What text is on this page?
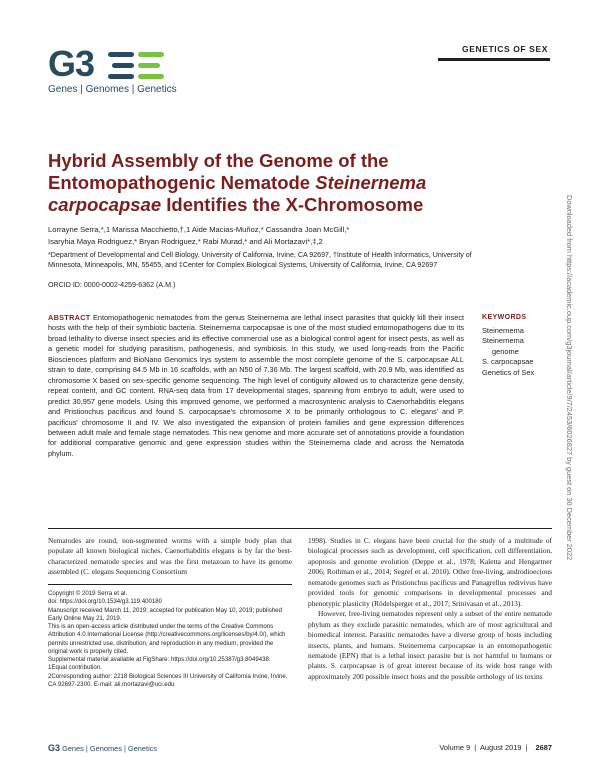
G3
Genes | Genomes | Genetics
GENETICS OF SEX
Hybrid Assembly of the Genome of the Entomopathogenic Nematode Steinernema carpocapsae Identifies the X-Chromosome
Lorrayne Serra,*,1 Marissa Macchietto,†,1 Aide Macias-Muñoz,* Cassandra Joan McGill,*
Isaryhia Maya Rodriguez,* Bryan Rodriguez,* Rabi Murad,* and Ali Mortazavi*,‡,2
*Department of Developmental and Cell Biology, University of California, Irvine, CA 92697, †Institute of Health Informatics, University of Minnesota, Minneapolis, MN, 55455, and ‡Center for Complex Biological Systems, University of California, Irvine, CA 92697
ORCID ID: 0000-0002-4259-6362 (A.M.)
ABSTRACT Entomopathogenic nematodes from the genus Steinernema are lethal insect parasites that quickly kill their insect hosts with the help of their symbiotic bacteria. Steinernema carpocapsae is one of the most studied entomopathogens due to its broad lethality to diverse insect species and its effective commercial use as a biological control agent for insect pests, as well as a genetic model for studying parasitism, pathogenesis, and symbiosis. In this study, we used long-reads from the Pacific Biosciences platform and BioNano Genomics Irys system to assemble the most complete genome of the S. carpocapsae ALL strain to date, comprising 84.5 Mb in 16 scaffolds, with an N50 of 7.36 Mb. The largest scaffold, with 20.9 Mb, was identified as chromosome X based on sex-specific genome sequencing. The high level of contiguity allowed us to characterize gene density, repeat content, and GC content. RNA-seq data from 17 developmental stages, spanning from embryo to adult, were used to predict 30,957 gene models. Using this improved genome, we performed a macrosyntenic analysis to Caenorhabditis elegans and Pristionchus pacificus and found S. carpocapsae's chromosome X to be primarily orthologous to C. elegans' and P. pacificus' chromosome II and IV. We also investigated the expansion of protein families and gene expression differences between adult male and female stage nematodes. This new genome and more accurate set of annotations provide a foundation for additional comparative genomic and gene expression studies within the Steinernema clade and across the Nematoda phylum.
KEYWORDS
Steinernema
Steinernema
genome
S. carpocapsae
Genetics of Sex
Nematodes are round, non-segmented worms with a simple body plan that populate all known biological niches. Caenorhabditis elegans is by far the best-characterized nematode species and was the first metazoan to have its genome assembled (C. elegans Sequencing Consortium
Copyright © 2019 Serra et al.
doi: https://doi.org/10.1534/g3.119.400180
Manuscript received March 11, 2019; accepted for publication May 10, 2019; published Early Online May 21, 2019.
This is an open-access article distributed under the terms of the Creative Commons Attribution 4.0 International License (http://creativecommons.org/licenses/by/4.0/), which permits unrestricted use, distribution, and reproduction in any medium, provided the original work is properly cited.
Supplemental material available at FigShare: https://doi.org/10.25387/g3.8049438.
1Equal contribution.
2Corresponding author: 2218 Biological Sciences III University of California Irvine, Irvine, CA 92697-2300. E-mail: ali.mortazavi@uci.edu

1998). Studies in C. elegans have been crucial for the study of a multitude of biological processes such as development, cell specification, cell differentiation, apoptosis and genome evolution (Deppe et al., 1978; Kaletta and Hengartner 2006; Rothman et al., 2014; Segref et al. 2010). Other free-living, androdioecious nematode genomes such as Pristionchus pacificus and Panagrellus redivivus have provided tools for genomic comparisons in developmental processes and phenotypic plasticity (Rödelsperger et al., 2017; Srinivasan et al., 2013).

However, free-living nematodes represent only a subset of the entire nematode phylum as they exclude parasitic nematodes, which are of most agricultural and biomedical interest. Parasitic nematodes have a diverse group of hosts including insects, plants, and humans. Steinernema carpocapsae is an entomopathogenic nematode (EPN) that is a lethal insect parasite but is not harmful to humans or plants. S. carpocapsae is of great interest because of its wide host range with approximately 200 possible insect hosts and the possible orthology of its toxins

Downloaded from https://academic.oup.com/g3journal/article/9/7/2453/6026827 by guest on 30 December 2022
G3 Genes | Genomes | Genetics	Volume 9  |  August 2019  | 2687
